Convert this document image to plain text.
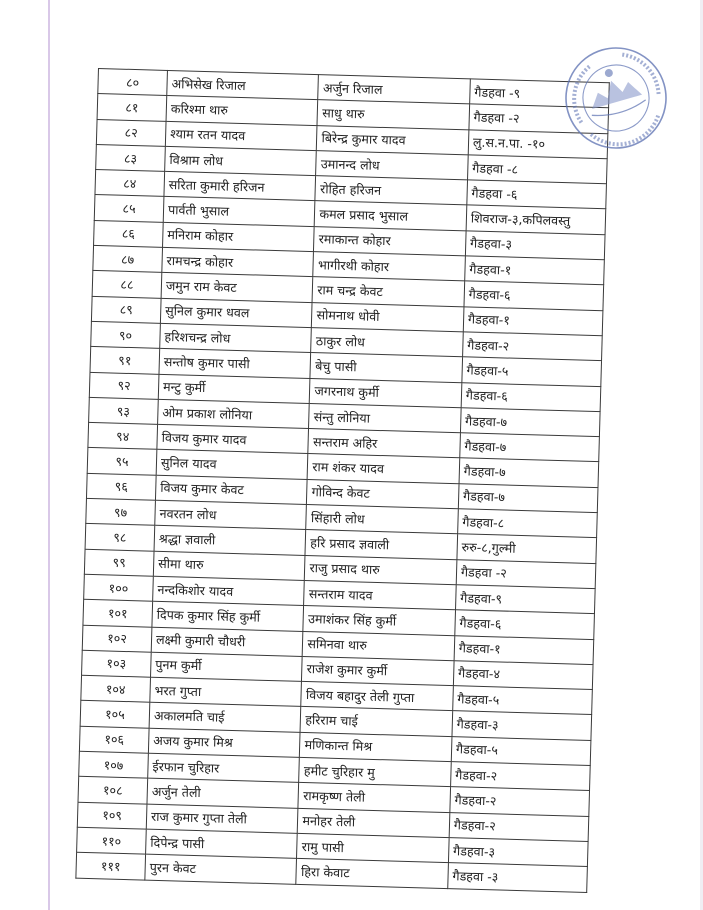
८०	अभिसेख रिजाल	अर्जुन रिजाल	गैडहवा -९
८१	करिश्मा थारु	साधु थारु	गैडहवा -२
८२	श्याम रतन यादव	बिरेन्द्र कुमार यादव	लु.स.न.पा. -१०
८३	विश्राम लोध	उमानन्द लोध	गैडहवा -८
८४	सरिता कुमारी हरिजन	रोहित हरिजन	गैडहवा -६
८५	पार्वती भुसाल	कमल प्रसाद भुसाल	शिवराज-३,कपिलवस्तु
८६	मनिराम कोहार	रमाकान्त कोहार	गैडहवा-३
८७	रामचन्द्र कोहार	भागीरथी कोहार	गैडहवा-१
८८	जमुन राम केवट	राम चन्द्र केवट	गैडहवा-६
८९	सुनिल कुमार धवल	सोमनाथ धोवी	गैडहवा-१
९०	हरिशचन्द्र लोध	ठाकुर लोध	गैडहवा-२
९१	सन्तोष कुमार पासी	बेचु पासी	गैडहवा-५
९२	मन्टु कुर्मी	जगरनाथ कुर्मी	गैडहवा-६
९३	ओम प्रकाश लोनिया	संन्तु लोनिया	गैडहवा-७
९४	विजय कुमार यादव	सन्तराम अहिर	गैडहवा-७
९५	सुनिल यादव	राम शंकर यादव	गैडहवा-७
९६	विजय कुमार केवट	गोविन्द केवट	गैडहवा-७
९७	नवरतन लोध	सिंहारी लोध	गैडहवा-८
९८	श्रद्धा ज्ञवाली	हरि प्रसाद ज्ञवाली	रुरु-८,गुल्मी
९९	सीमा थारु	राजु प्रसाद थारु	गैडहवा -२
१००	नन्दकिशोर यादव	सन्तराम यादव	गैडहवा-९
१०१	दिपक कुमार सिंह कुर्मी	उमाशंकर सिंह कुर्मी	गैडहवा-६
१०२	लक्ष्मी कुमारी चौधरी	समिनवा थारु	गैडहवा-१
१०३	पुनम कुर्मी	राजेश कुमार कुर्मी	गैडहवा-४
१०४	भरत गुप्ता	विजय बहादुर तेली गुप्ता	गैडहवा-५
१०५	अकालमति चाई	हरिराम चाई	गैडहवा-३
१०६	अजय कुमार मिश्र	मणिकान्त मिश्र	गैडहवा-५
१०७	ईरफान चुरिहार	हमीट चुरिहार मु	गैडहवा-२
१०८	अर्जुन तेली	रामकृष्ण तेली	गैडहवा-२
१०९	राज कुमार गुप्ता तेली	मनोहर तेली	गैडहवा-२
११०	दिपेन्द्र पासी	रामु पासी	गैडहवा-३
१११	पुरन केवट	हिरा केवाट	गैडहवा -३
